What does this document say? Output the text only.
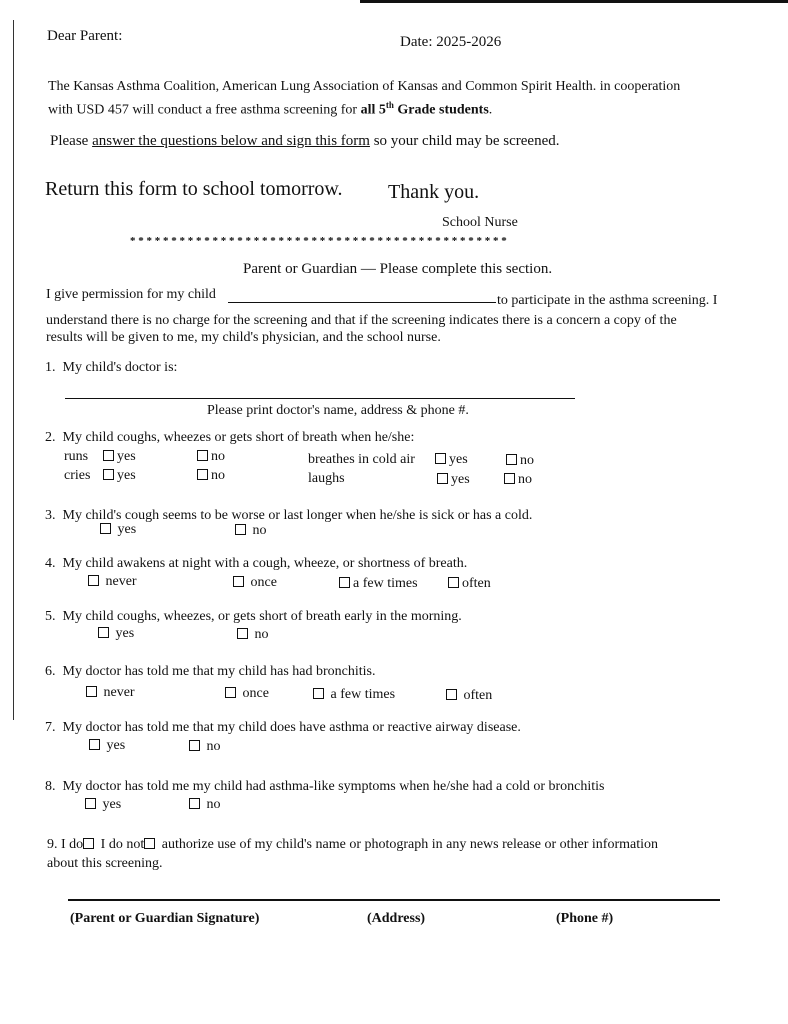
Dear Parent:	Date: 2025-2026
The Kansas Asthma Coalition, American Lung Association of Kansas and Common Spirit Health. in cooperation
with USD 457 will conduct a free asthma screening for all 5th Grade students.
Please answer the questions below and sign this form so your child may be screened.
Return this form to school tomorrow. Thank you.
School Nurse
* * * * * * * * * * * * * * * * * * * * * * * * * * * * * * * * * * * * * * * * * * * * * *
Parent or Guardian — Please complete this section.
I give permission for my child	to participate in the asthma screening. I
understand there is no charge for the screening and that if the screening indicates there is a concern a copy of the
results will be given to me, my child's physician, and the school nurse.
1. My child's doctor is:
Please print doctor's name, address & phone #.
2. My child coughs, wheezes or gets short of breath when he/she:
runs	yes	no
cries	yes	no
breathes in cold air	yes	no
laughs	yes	no
3. My child's cough seems to be worse or last longer when he/she is sick or has a cold.
yes	no
4. My child awakens at night with a cough, wheeze, or shortness of breath.
never	once	a few times	often
5. My child coughs, wheezes, or gets short of breath early in the morning.
yes	no
6. My doctor has told me that my child has had bronchitis.
never	once	a few times	often
7. My doctor has told me that my child does have asthma or reactive airway disease.
yes	no
8. My doctor has told me my child had asthma-like symptoms when he/she had a cold or bronchitis
yes	no
9. I do I do not authorize use of my child's name or photograph in any news release or other information
about this screening.
(Parent or Guardian Signature)	(Address)	(Phone #)
